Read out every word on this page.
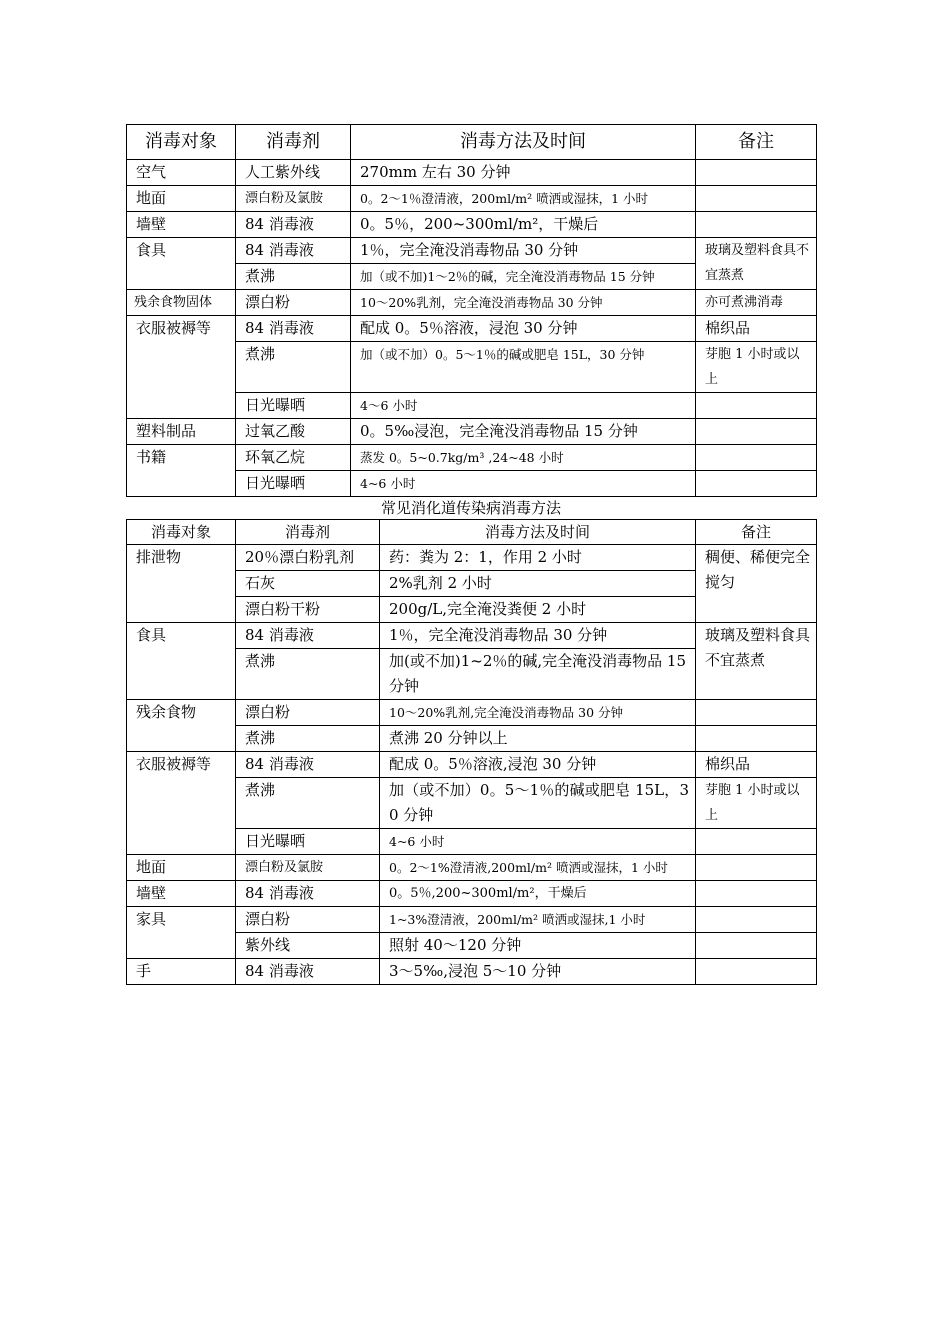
消毒对象	消毒剂	消毒方法及时间	备注
空气	人工紫外线	270mm 左右 30 分钟	
地面	漂白粉及氯胺	0。2～1％澄清液，200ml/m² 喷洒或湿抹，1 小时	
墙壁	84 消毒液	0。5％，200~300ml/m²，干燥后	
食具	84 消毒液	1％，完全淹没消毒物品 30 分钟	玻璃及塑料食具不宜蒸煮
	煮沸	加（或不加)1～2％的碱，完全淹没消毒物品 15 分钟	
残余食物固体	漂白粉	10～20%乳剂，完全淹没消毒物品 30 分钟	亦可煮沸消毒
衣服被褥等	84 消毒液	配成 0。5％溶液，浸泡 30 分钟	棉织品
	煮沸	加（或不加）0。5～1％的碱或肥皂 15L，30 分钟	芽胞 1 小时或以上
	日光曝晒	4～6 小时	
塑料制品	过氧乙酸	0。5‰浸泡，完全淹没消毒物品 15 分钟	
书籍	环氧乙烷	蒸发 0。5~0.7kg/m³ ,24~48 小时	
	日光曝晒	4~6 小时	
常见消化道传染病消毒方法
消毒对象	消毒剂	消毒方法及时间	备注
排泄物	20％漂白粉乳剂	药：粪为 2：1，作用 2 小时	稠便、稀便完全搅匀
	石灰	2%乳剂 2 小时	
	漂白粉干粉	200g/L,完全淹没粪便 2 小时	
食具	84 消毒液	1％，完全淹没消毒物品 30 分钟	玻璃及塑料食具不宜蒸煮
	煮沸	加(或不加)1~2％的碱,完全淹没消毒物品 15 分钟	
残余食物	漂白粉	10～20%乳剂,完全淹没消毒物品 30 分钟	
	煮沸	煮沸 20 分钟以上	
衣服被褥等	84 消毒液	配成 0。5％溶液,浸泡 30 分钟	棉织品
	煮沸	加（或不加）0。5～1％的碱或肥皂 15L，30 分钟	芽胞 1 小时或以上
	日光曝晒	4~6 小时	
地面	漂白粉及氯胺	0。2～1%澄清液,200ml/m² 喷洒或湿抹，1 小时	
墙壁	84 消毒液	0。5％,200~300ml/m²，干燥后	
家具	漂白粉	1~3%澄清液，200ml/m² 喷洒或湿抹,1 小时	
	紫外线	照射 40～120 分钟	
手	84 消毒液	3～5‰,浸泡 5～10 分钟	
